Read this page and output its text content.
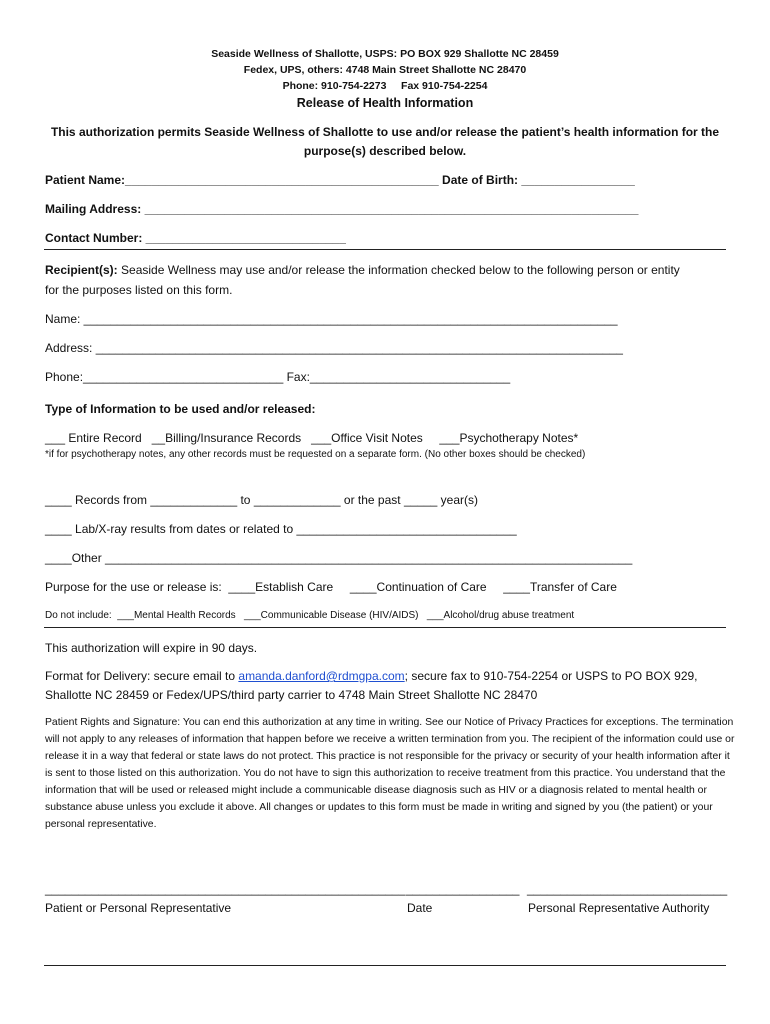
Seaside Wellness of Shallotte, USPS: PO BOX 929 Shallotte NC 28459
Fedex, UPS, others: 4748 Main Street Shallotte NC 28470
Phone: 910-754-2273     Fax 910-754-2254
Release of Health Information
This authorization permits Seaside Wellness of Shallotte to use and/or release the patient’s health information for the
purpose(s) described below.
Patient Name:_______________________________________________ Date of Birth: _________________
Mailing Address: __________________________________________________________________________
Contact Number: ______________________________
Recipient(s): Seaside Wellness may use and/or release the information checked below to the following person or entity
for the purposes listed on this form.
Name: ________________________________________________________________________________
Address: _______________________________________________________________________________
Phone:______________________________ Fax:______________________________
Type of Information to be used and/or released:
___ Entire Record   __Billing/Insurance Records   ___Office Visit Notes     ___Psychotherapy Notes*
*if for psychotherapy notes, any other records must be requested on a separate form. (No other boxes should be checked)
____ Records from _____________ to _____________ or the past _____ year(s)
____ Lab/X-ray results from dates or related to _________________________________
____Other _______________________________________________________________________________
Purpose for the use or release is:  ____Establish Care     ____Continuation of Care     ____Transfer of Care
Do not include:  ___Mental Health Records   ___Communicable Disease (HIV/AIDS)   ___Alcohol/drug abuse treatment
This authorization will expire in 90 days.
Format for Delivery: secure email to amanda.danford@rdmgpa.com; secure fax to 910-754-2254 or USPS to PO BOX 929,
Shallotte NC 28459 or Fedex/UPS/third party carrier to 4748 Main Street Shallotte NC 28470
Patient Rights and Signature: You can end this authorization at any time in writing. See our Notice of Privacy Practices for exceptions. The termination will not apply to any releases of information that happen before we receive a written termination from you. The recipient of the information could use or release it in a way that federal or state laws do not protect. This practice is not responsible for the privacy or security of your health information after it is sent to those listed on this authorization. You do not have to sign this authorization to receive treatment from this practice. You understand that the information that will be used or released might include a communicable disease diagnosis such as HIV or a diagnosis related to mental health or substance abuse unless you exclude it above. All changes or updates to this form must be made in writing and signed by you (the patient) or your personal representative.
______________________________________________________ _________________ ______________________________
Patient or Personal Representative	Date	Personal Representative Authority
